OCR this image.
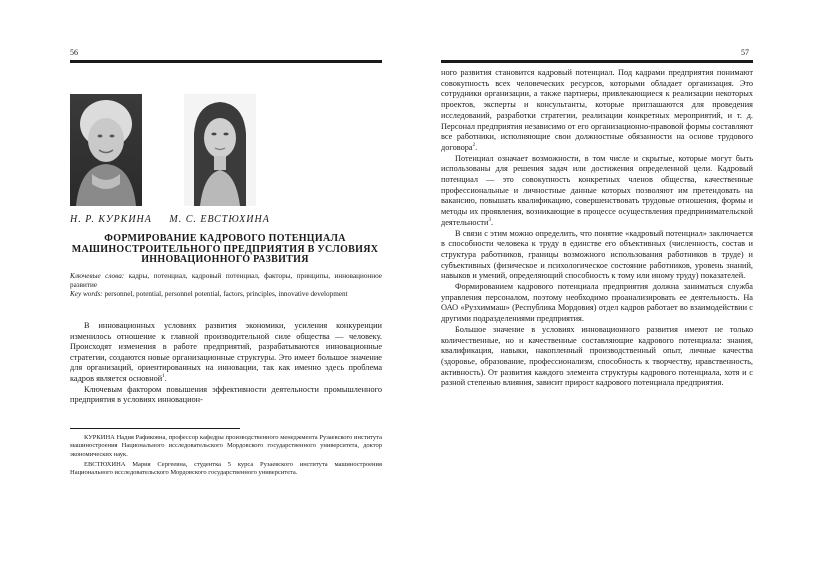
56
Н. Р. КУРКИНА М. С. ЕВСТЮХИНА
ФОРМИРОВАНИЕ КАДРОВОГО ПОТЕНЦИАЛА МАШИНОСТРОИТЕЛЬНОГО ПРЕДПРИЯТИЯ В УСЛОВИЯХ ИННОВАЦИОННОГО РАЗВИТИЯ
Ключевые слова: кадры, потенциал, кадровый потенциал, факторы, принципы, инновационное развитие
Key words: personnel, potential, personnel potential, factors, principles, innovative development

В инновационных условиях развития экономики, усиления конкуренции изменилось отношение к главной производительной силе общества — человеку. Происходят изменения в работе предприятий, разрабатываются инновационные стратегии, создаются новые организационные структуры. Это имеет большое значение для организаций, ориентированных на инновации, так как именно здесь проблема кадров является основной$^1$.

Ключевым фактором повышения эффективности деятельности промышленного предприятия в условиях инновацион-

КУРКИНА Надия Рафиковна, профессор кафедры производственного менеджмента Рузаевского института машиностроения Национального исследовательского Мордовского государственного университета, доктор экономических наук.

ЕВСТЮХИНА Мария Сергеевна, студентка 5 курса Рузаевского института машиностроения Национального исследовательского Мордовского государственного университета.

57

ного развития становится кадровый потенциал. Под кадрами предприятия понимают совокупность всех человеческих ресурсов, которыми обладает организация. Это сотрудники организации, а также партнеры, привлекающиеся к реализации некоторых проектов, эксперты и консультанты, которые приглашаются для проведения исследований, разработки стратегии, реализации конкретных мероприятий, и т. д. Персонал предприятия независимо от его организационно-правовой формы составляют все работники, исполняющие свои должностные обязанности на основе трудового договора$^2$.

Потенциал означает возможности, в том числе и скрытые, которые могут быть использованы для решения задач или достижения определенной цели. Кадровый потенциал — это совокупность конкретных членов общества, качественные профессиональные и личностные данные которых позволяют им претендовать на вакансию, повышать квалификацию, совершенствовать трудовые отношения, формы и методы их проявления, возникающие в процессе осуществления предпринимательской деятельности$^3$.

В связи с этим можно определить, что понятие «кадровый потенциал» заключается в способности человека к труду в единстве его объективных (численность, состав и структура работников, границы возможного использования работников в труде) и субъективных (физическое и психологическое состояние работников, уровень знаний, навыков и умений, определяющий способность к тому или иному труду) показателей.

Формированием кадрового потенциала предприятия должна заниматься служба управления персоналом, поэтому необходимо проанализировать ее деятельность. На ОАО «Рузхиммаш» (Республика Мордовия) отдел кадров работает во взаимодействии с другими подразделениями предприятия.

Большое значение в условиях инновационного развития имеют не только количественные, но и качественные составляющие кадрового потенциала: знания, квалификация, навыки, накопленный производственный опыт, личные качества (здоровье, образование, профессионализм, способность к творчеству, нравственность, активность). От развития каждого элемента структуры кадрового потенциала, хотя и с разной степенью влияния, зависит прирост кадрового потенциала предприятия.
